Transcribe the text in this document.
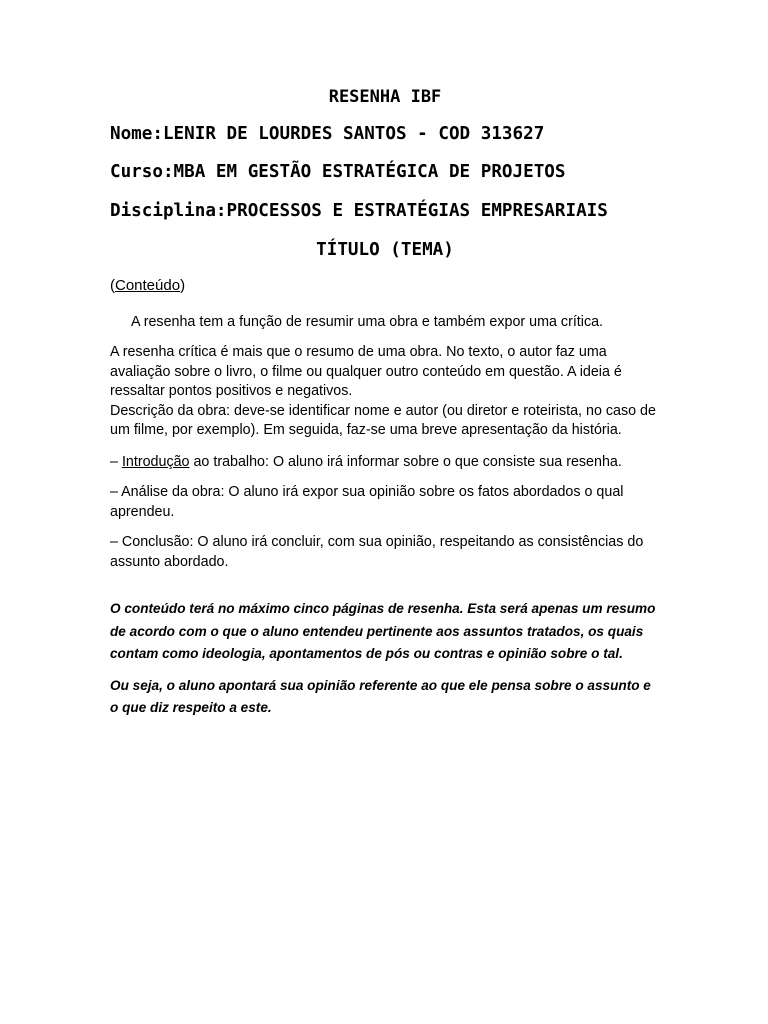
RESENHA IBF

Nome:LENIR DE LOURDES SANTOS - COD 313627

Curso:MBA EM GESTÃO ESTRATÉGICA DE PROJETOS

Disciplina:PROCESSOS E ESTRATÉGIAS EMPRESARIAIS

TÍTULO (TEMA)

(Conteúdo)

A resenha tem a função de resumir uma obra e também expor uma crítica.

A resenha crítica é mais que o resumo de uma obra. No texto, o autor faz uma avaliação sobre o livro, o filme ou qualquer outro conteúdo em questão. A ideia é ressaltar pontos positivos e negativos.

Descrição da obra: deve-se identificar nome e autor (ou diretor e roteirista, no caso de um filme, por exemplo). Em seguida, faz-se uma breve apresentação da história.

– Introdução ao trabalho: O aluno irá informar sobre o que consiste sua resenha.

– Análise da obra: O aluno irá expor sua opinião sobre os fatos abordados o qual aprendeu.

– Conclusão: O aluno irá concluir, com sua opinião, respeitando as consistências do assunto abordado.

O conteúdo terá no máximo cinco páginas de resenha. Esta será apenas um resumo de acordo com o que o aluno entendeu pertinente aos assuntos tratados, os quais contam como ideologia, apontamentos de pós ou contras e opinião sobre o tal.

Ou seja, o aluno apontará sua opinião referente ao que ele pensa sobre o assunto e o que diz respeito a este.
